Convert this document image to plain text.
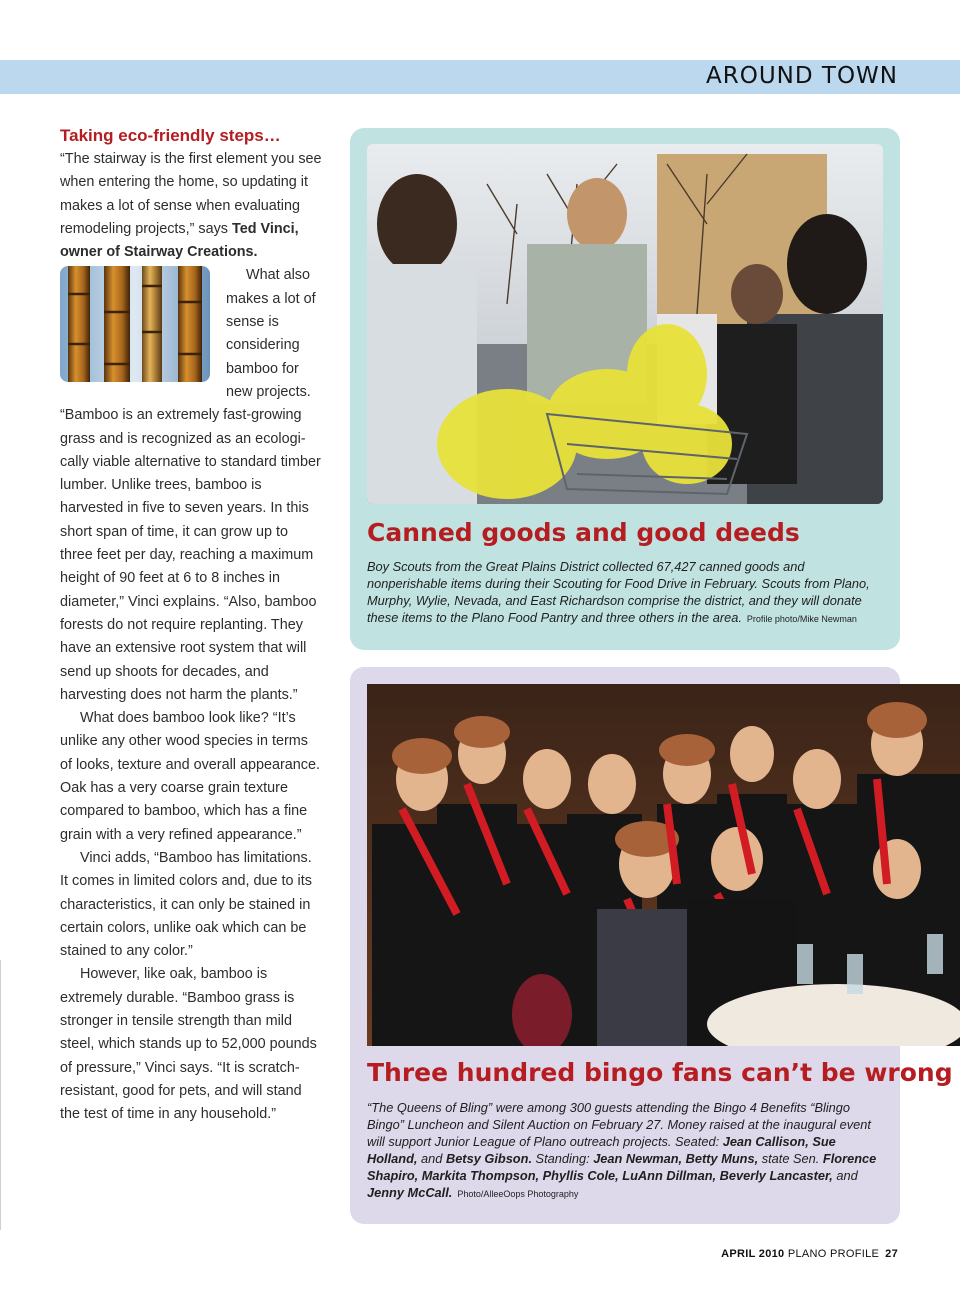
AROUND TOWN
Taking eco-friendly steps…

“The stairway is the first element you see when entering the home, so updating it makes a lot of sense when evaluating remodeling projects,” says Ted Vinci, owner of Stairway Creations.

What also makes a lot of sense is considering bamboo for new projects. “Bamboo is an extremely fast-growing grass and is recognized as an ecologically viable alternative to standard timber lumber. Unlike trees, bamboo is harvested in five to seven years. In this short span of time, it can grow up to three feet per day, reaching a maximum height of 90 feet at 6 to 8 inches in diameter,” Vinci explains. “Also, bamboo forests do not require replanting. They have an extensive root system that will send up shoots for decades, and harvesting does not harm the plants.”

What does bamboo look like? “It’s unlike any other wood species in terms of looks, texture and overall appearance. Oak has a very coarse grain texture compared to bamboo, which has a fine grain with a very refined appearance.”

Vinci adds, “Bamboo has limitations. It comes in limited colors and, due to its characteristics, it can only be stained in certain colors, unlike oak which can be stained to any color.”

However, like oak, bamboo is extremely durable. “Bamboo grass is stronger in tensile strength than mild steel, which stands up to 52,000 pounds of pressure,” Vinci says. “It is scratch-resistant, good for pets, and will stand the test of time in any household.”

Canned goods and good deeds
Boy Scouts from the Great Plains District collected 67,427 canned goods and nonperishable items during their Scouting for Food Drive in February. Scouts from Plano, Murphy, Wylie, Nevada, and East Richardson comprise the district, and they will donate these items to the Plano Food Pantry and three others in the area. Profile photo/Mike Newman
Three hundred bingo fans can’t be wrong
“The Queens of Bling” were among 300 guests attending the Bingo 4 Benefits “Blingo Bingo” Luncheon and Silent Auction on February 27. Money raised at the inaugural event will support Junior League of Plano outreach projects. Seated: Jean Callison, Sue Holland, and Betsy Gibson. Standing: Jean Newman, Betty Muns, state Sen. Florence Shapiro, Markita Thompson, Phyllis Cole, LuAnn Dillman, Beverly Lancaster, and Jenny McCall. Photo/AlleeOops Photography
APRIL 2010 PLANO PROFILE 27
